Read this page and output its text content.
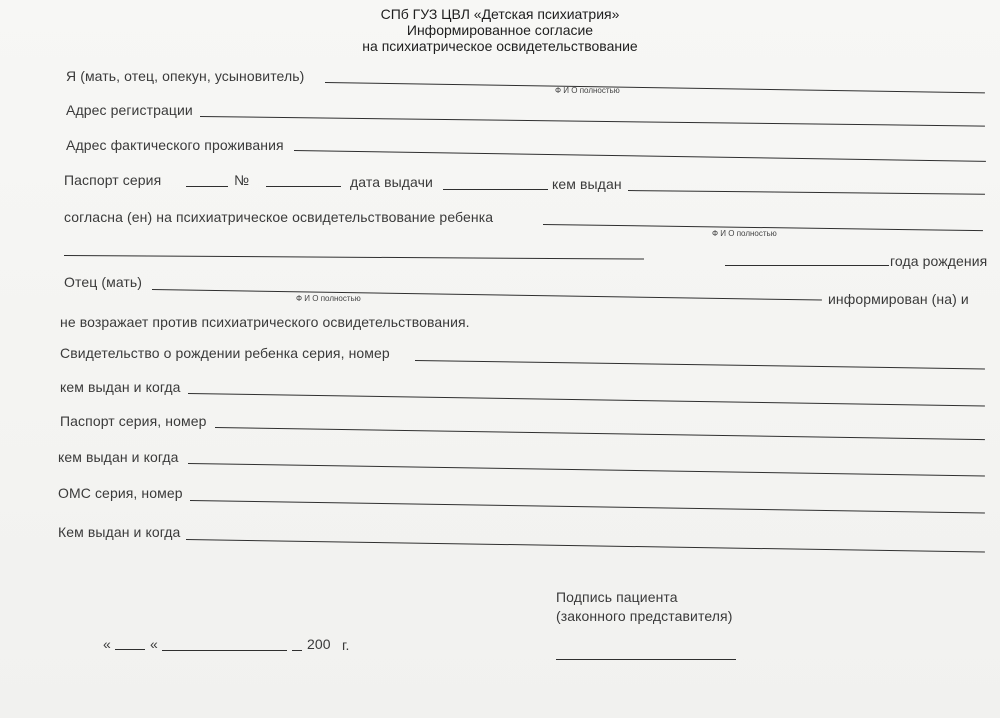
СПб ГУЗ ЦВЛ «Детская психиатрия»
Информированное согласие
на психиатрическое освидетельствование
Я (мать, отец, опекун, усыновитель)
Ф И О полностью
Адрес регистрации
Адрес фактического проживания
Паспорт серия	№	дата выдачи	кем выдан
согласна (ен) на психиатрическое освидетельствование ребенка
Ф И О полностью
года рождения
Отец (мать)
Ф И О полностью	информирован (на) и
не возражает против психиатрического освидетельствования.
Свидетельство о рождении ребенка серия, номер
кем выдан и когда
Паспорт серия, номер
кем выдан и когда
ОМС серия, номер
Кем выдан и когда
Подпись пациента
(законного представителя)
«	«	200 г.
